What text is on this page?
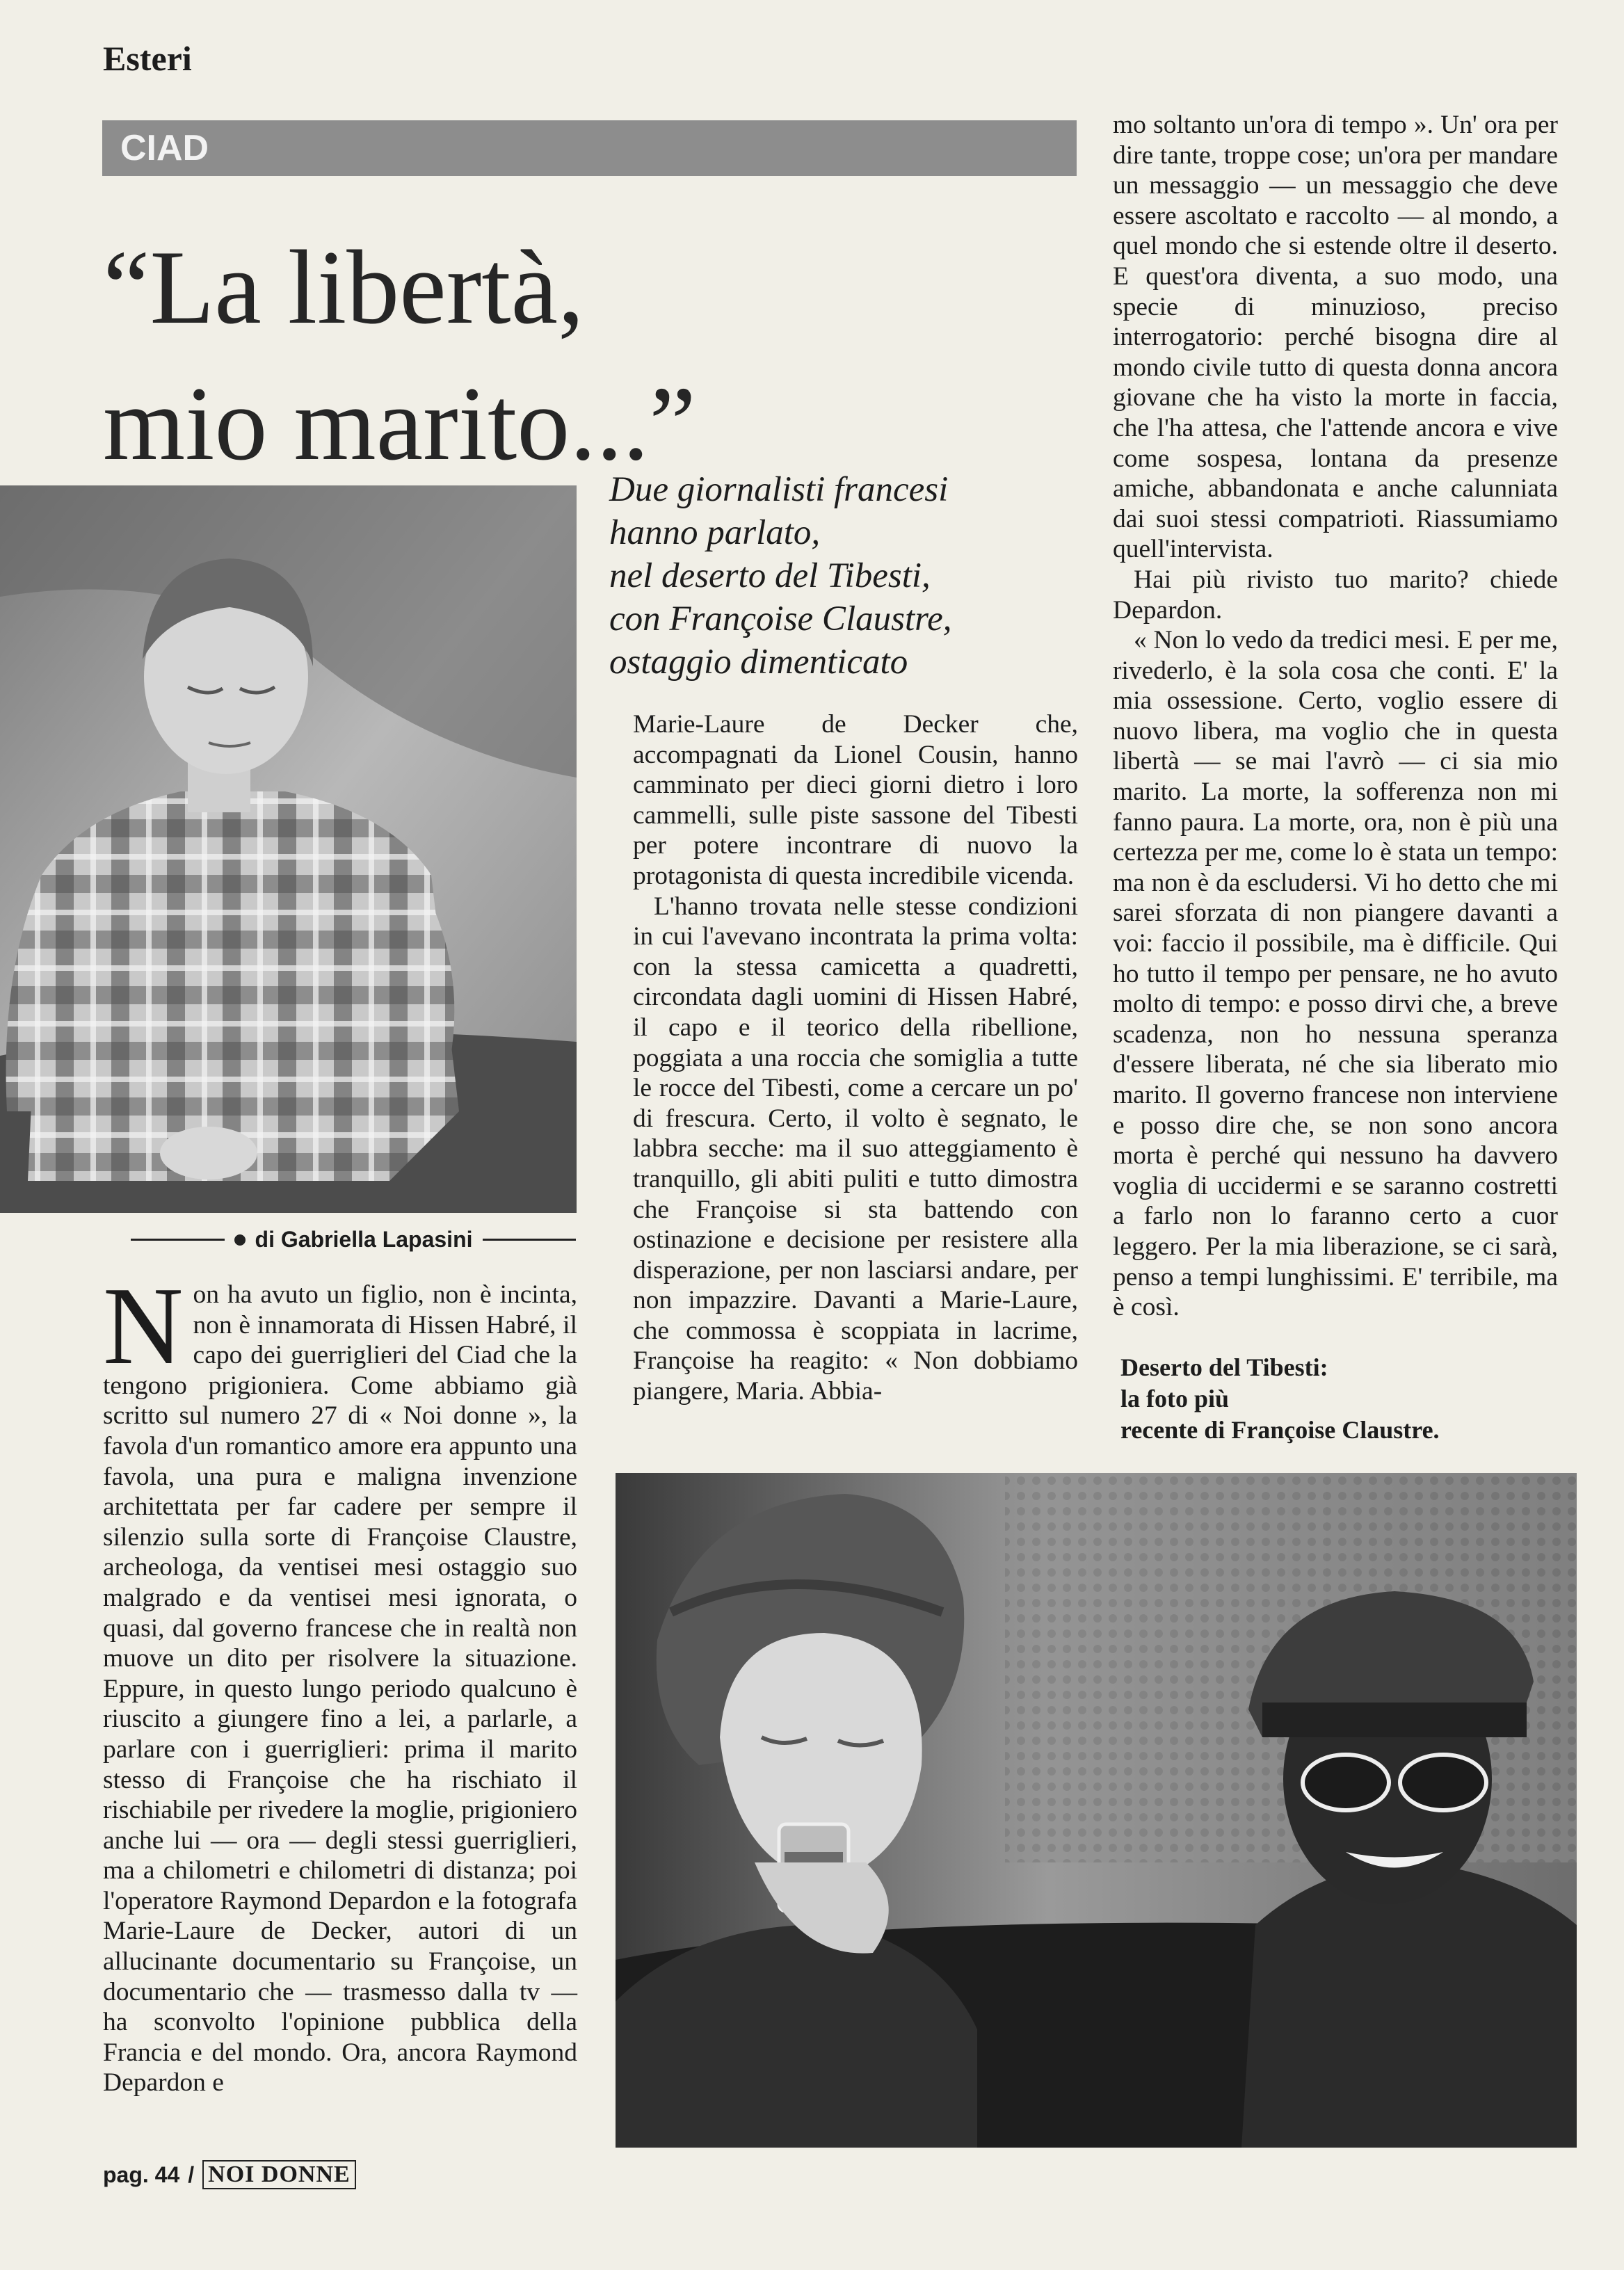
Esteri
CIAD
“La libertà,
mio marito...”
di Gabriella Lapasini
Due giornalisti francesi
hanno parlato,
nel deserto del Tibesti,
con Françoise Claustre,
ostaggio dimenticato
N on ha avuto un figlio, non è incinta, non è innamorata di Hissen Habré, il capo dei guerriglieri del Ciad che la tengono prigioniera. Come abbiamo già scritto sul numero 27 di « Noi donne », la favola d'un romantico amore era appunto una favola, una pura e maligna invenzione architettata per far cadere per sempre il silenzio sulla sorte di Françoise Claustre, archeologa, da ventisei mesi ostaggio suo malgrado e da ventisei mesi ignorata, o quasi, dal governo francese che in realtà non muove un dito per risolvere la situazione. Eppure, in questo lungo periodo qualcuno è riuscito a giungere fino a lei, a parlarle, a parlare con i guerriglieri: prima il marito stesso di Françoise che ha rischiato il rischiabile per rivedere la moglie, prigioniero anche lui — ora — degli stessi guerriglieri, ma a chilometri e chilometri di distanza; poi l'operatore Raymond Depardon e la fotografa Marie-Laure de Decker, autori di un allucinante documentario su Françoise, un documentario che — trasmesso dalla tv — ha sconvolto l'opinione pubblica della Francia e del mondo. Ora, ancora Raymond Depardon e

Marie-Laure de Decker che, accompagnati da Lionel Cousin, hanno camminato per dieci giorni dietro i loro cammelli, sulle piste sassone del Tibesti per potere incontrare di nuovo la protagonista di questa incredibile vicenda.

L'hanno trovata nelle stesse condizioni in cui l'avevano incontrata la prima volta: con la stessa camicetta a quadretti, circondata dagli uomini di Hissen Habré, il capo e il teorico della ribellione, poggiata a una roccia che somiglia a tutte le rocce del Tibesti, come a cercare un po' di frescura. Certo, il volto è segnato, le labbra secche: ma il suo atteggiamento è tranquillo, gli abiti puliti e tutto dimostra che Françoise si sta battendo con ostinazione e decisione per resistere alla disperazione, per non lasciarsi andare, per non impazzire. Davanti a Marie-Laure, che commossa è scoppiata in lacrime, Françoise ha reagito: « Non dobbiamo piangere, Maria. Abbia-

mo soltanto un'ora di tempo ». Un' ora per dire tante, troppe cose; un'ora per mandare un messaggio — un messaggio che deve essere ascoltato e raccolto — al mondo, a quel mondo che si estende oltre il deserto. E quest'ora diventa, a suo modo, una specie di minuzioso, preciso interrogatorio: perché bisogna dire al mondo civile tutto di questa donna ancora giovane che ha visto la morte in faccia, che l'ha attesa, che l'attende ancora e vive come sospesa, lontana da presenze amiche, abbandonata e anche calunniata dai suoi stessi compatrioti. Riassumiamo quell'intervista.

Hai più rivisto tuo marito? chiede Depardon.

« Non lo vedo da tredici mesi. E per me, rivederlo, è la sola cosa che conti. E' la mia ossessione. Certo, voglio essere di nuovo libera, ma voglio che in questa libertà — se mai l'avrò — ci sia mio marito. La morte, la sofferenza non mi fanno paura. La morte, ora, non è più una certezza per me, come lo è stata un tempo: ma non è da escludersi. Vi ho detto che mi sarei sforzata di non piangere davanti a voi: faccio il possibile, ma è difficile. Qui ho tutto il tempo per pensare, ne ho avuto molto di tempo: e posso dirvi che, a breve scadenza, non ho nessuna speranza d'essere liberata, né che sia liberato mio marito. Il governo francese non interviene e posso dire che, se non sono ancora morta è perché qui nessuno ha davvero voglia di uccidermi e se saranno costretti a farlo non lo faranno certo a cuor leggero. Per la mia liberazione, se ci sarà, penso a tempi lunghissimi. E' terribile, ma è così.

Deserto del Tibesti:
la foto più
recente di Françoise Claustre.
pag. 44 / NOI DONNE
